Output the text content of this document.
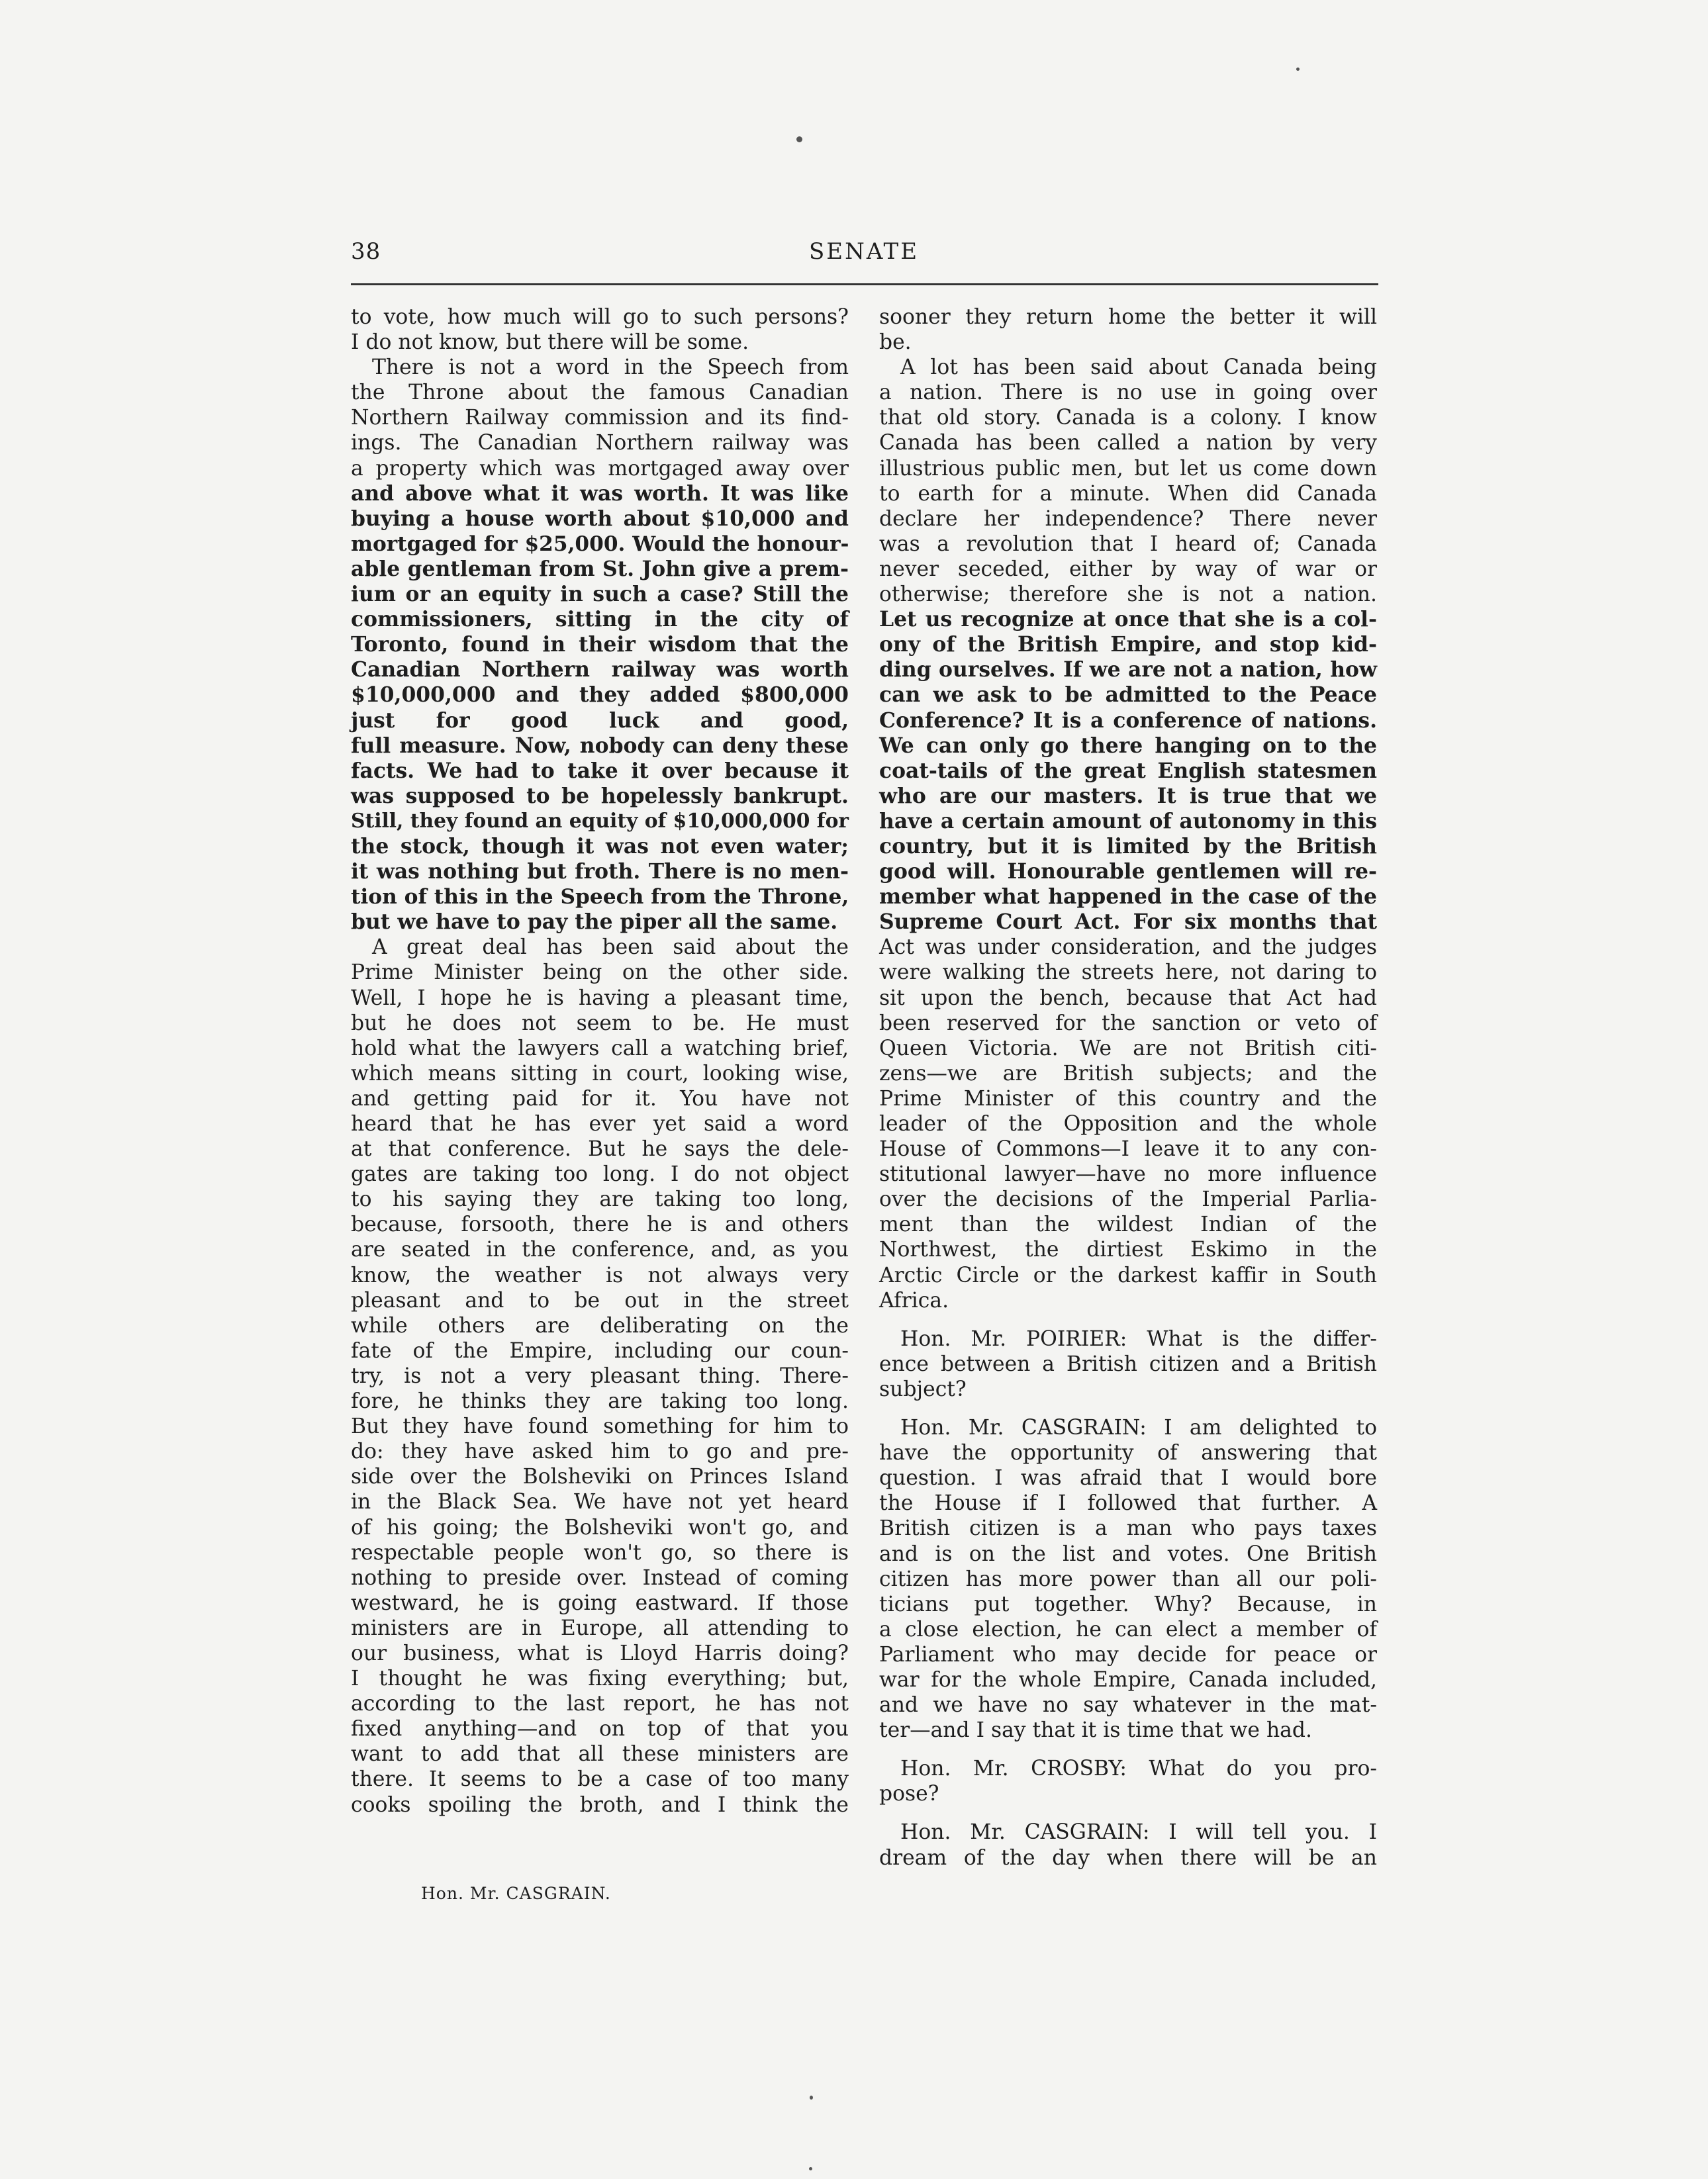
38	SENATE
to vote, how much will go to such persons?
I do not know, but there will be some.
There is not a word in the Speech from
the Throne about the famous Canadian
Northern Railway commission and its find-
ings. The Canadian Northern railway was
a property which was mortgaged away over
and above what it was worth. It was like
buying a house worth about $10,000 and
mortgaged for $25,000. Would the honour-
able gentleman from St. John give a prem-
ium or an equity in such a case? Still the
commissioners, sitting in the city of
Toronto, found in their wisdom that the
Canadian Northern railway was worth
$10,000,000 and they added $800,000
just for good luck and good,
full measure. Now, nobody can deny these
facts. We had to take it over because it
was supposed to be hopelessly bankrupt.
Still, they found an equity of $10,000,000 for
the stock, though it was not even water;
it was nothing but froth. There is no men-
tion of this in the Speech from the Throne,
but we have to pay the piper all the same.
A great deal has been said about the
Prime Minister being on the other side.
Well, I hope he is having a pleasant time,
but he does not seem to be. He must
hold what the lawyers call a watching brief,
which means sitting in court, looking wise,
and getting paid for it. You have not
heard that he has ever yet said a word
at that conference. But he says the dele-
gates are taking too long. I do not object
to his saying they are taking too long,
because, forsooth, there he is and others
are seated in the conference, and, as you
know, the weather is not always very
pleasant and to be out in the street
while others are deliberating on the
fate of the Empire, including our coun-
try, is not a very pleasant thing. There-
fore, he thinks they are taking too long.
But they have found something for him to
do: they have asked him to go and pre-
side over the Bolsheviki on Princes Island
in the Black Sea. We have not yet heard
of his going; the Bolsheviki won't go, and
respectable people won't go, so there is
nothing to preside over. Instead of coming
westward, he is going eastward. If those
ministers are in Europe, all attending to
our business, what is Lloyd Harris doing?
I thought he was fixing everything; but,
according to the last report, he has not
fixed anything—and on top of that you
want to add that all these ministers are
there. It seems to be a case of too many
cooks spoiling the broth, and I think the
sooner they return home the better it will
be.
A lot has been said about Canada being
a nation. There is no use in going over
that old story. Canada is a colony. I know
Canada has been called a nation by very
illustrious public men, but let us come down
to earth for a minute. When did Canada
declare her independence? There never
was a revolution that I heard of; Canada
never seceded, either by way of war or
otherwise; therefore she is not a nation.
Let us recognize at once that she is a col-
ony of the British Empire, and stop kid-
ding ourselves. If we are not a nation, how
can we ask to be admitted to the Peace
Conference? It is a conference of nations.
We can only go there hanging on to the
coat-tails of the great English statesmen
who are our masters. It is true that we
have a certain amount of autonomy in this
country, but it is limited by the British
good will. Honourable gentlemen will re-
member what happened in the case of the
Supreme Court Act. For six months that
Act was under consideration, and the judges
were walking the streets here, not daring to
sit upon the bench, because that Act had
been reserved for the sanction or veto of
Queen Victoria. We are not British citi-
zens—we are British subjects; and the
Prime Minister of this country and the
leader of the Opposition and the whole
House of Commons—I leave it to any con-
stitutional lawyer—have no more influence
over the decisions of the Imperial Parlia-
ment than the wildest Indian of the
Northwest, the dirtiest Eskimo in the
Arctic Circle or the darkest kaffir in South
Africa.
Hon. Mr. POIRIER: What is the differ-
ence between a British citizen and a British
subject?
Hon. Mr. CASGRAIN: I am delighted to
have the opportunity of answering that
question. I was afraid that I would bore
the House if I followed that further. A
British citizen is a man who pays taxes
and is on the list and votes. One British
citizen has more power than all our poli-
ticians put together. Why? Because, in
a close election, he can elect a member of
Parliament who may decide for peace or
war for the whole Empire, Canada included,
and we have no say whatever in the mat-
ter—and I say that it is time that we had.
Hon. Mr. CROSBY: What do you pro-
pose?
Hon. Mr. CASGRAIN: I will tell you. I
dream of the day when there will be an
Hon. Mr. CASGRAIN.
